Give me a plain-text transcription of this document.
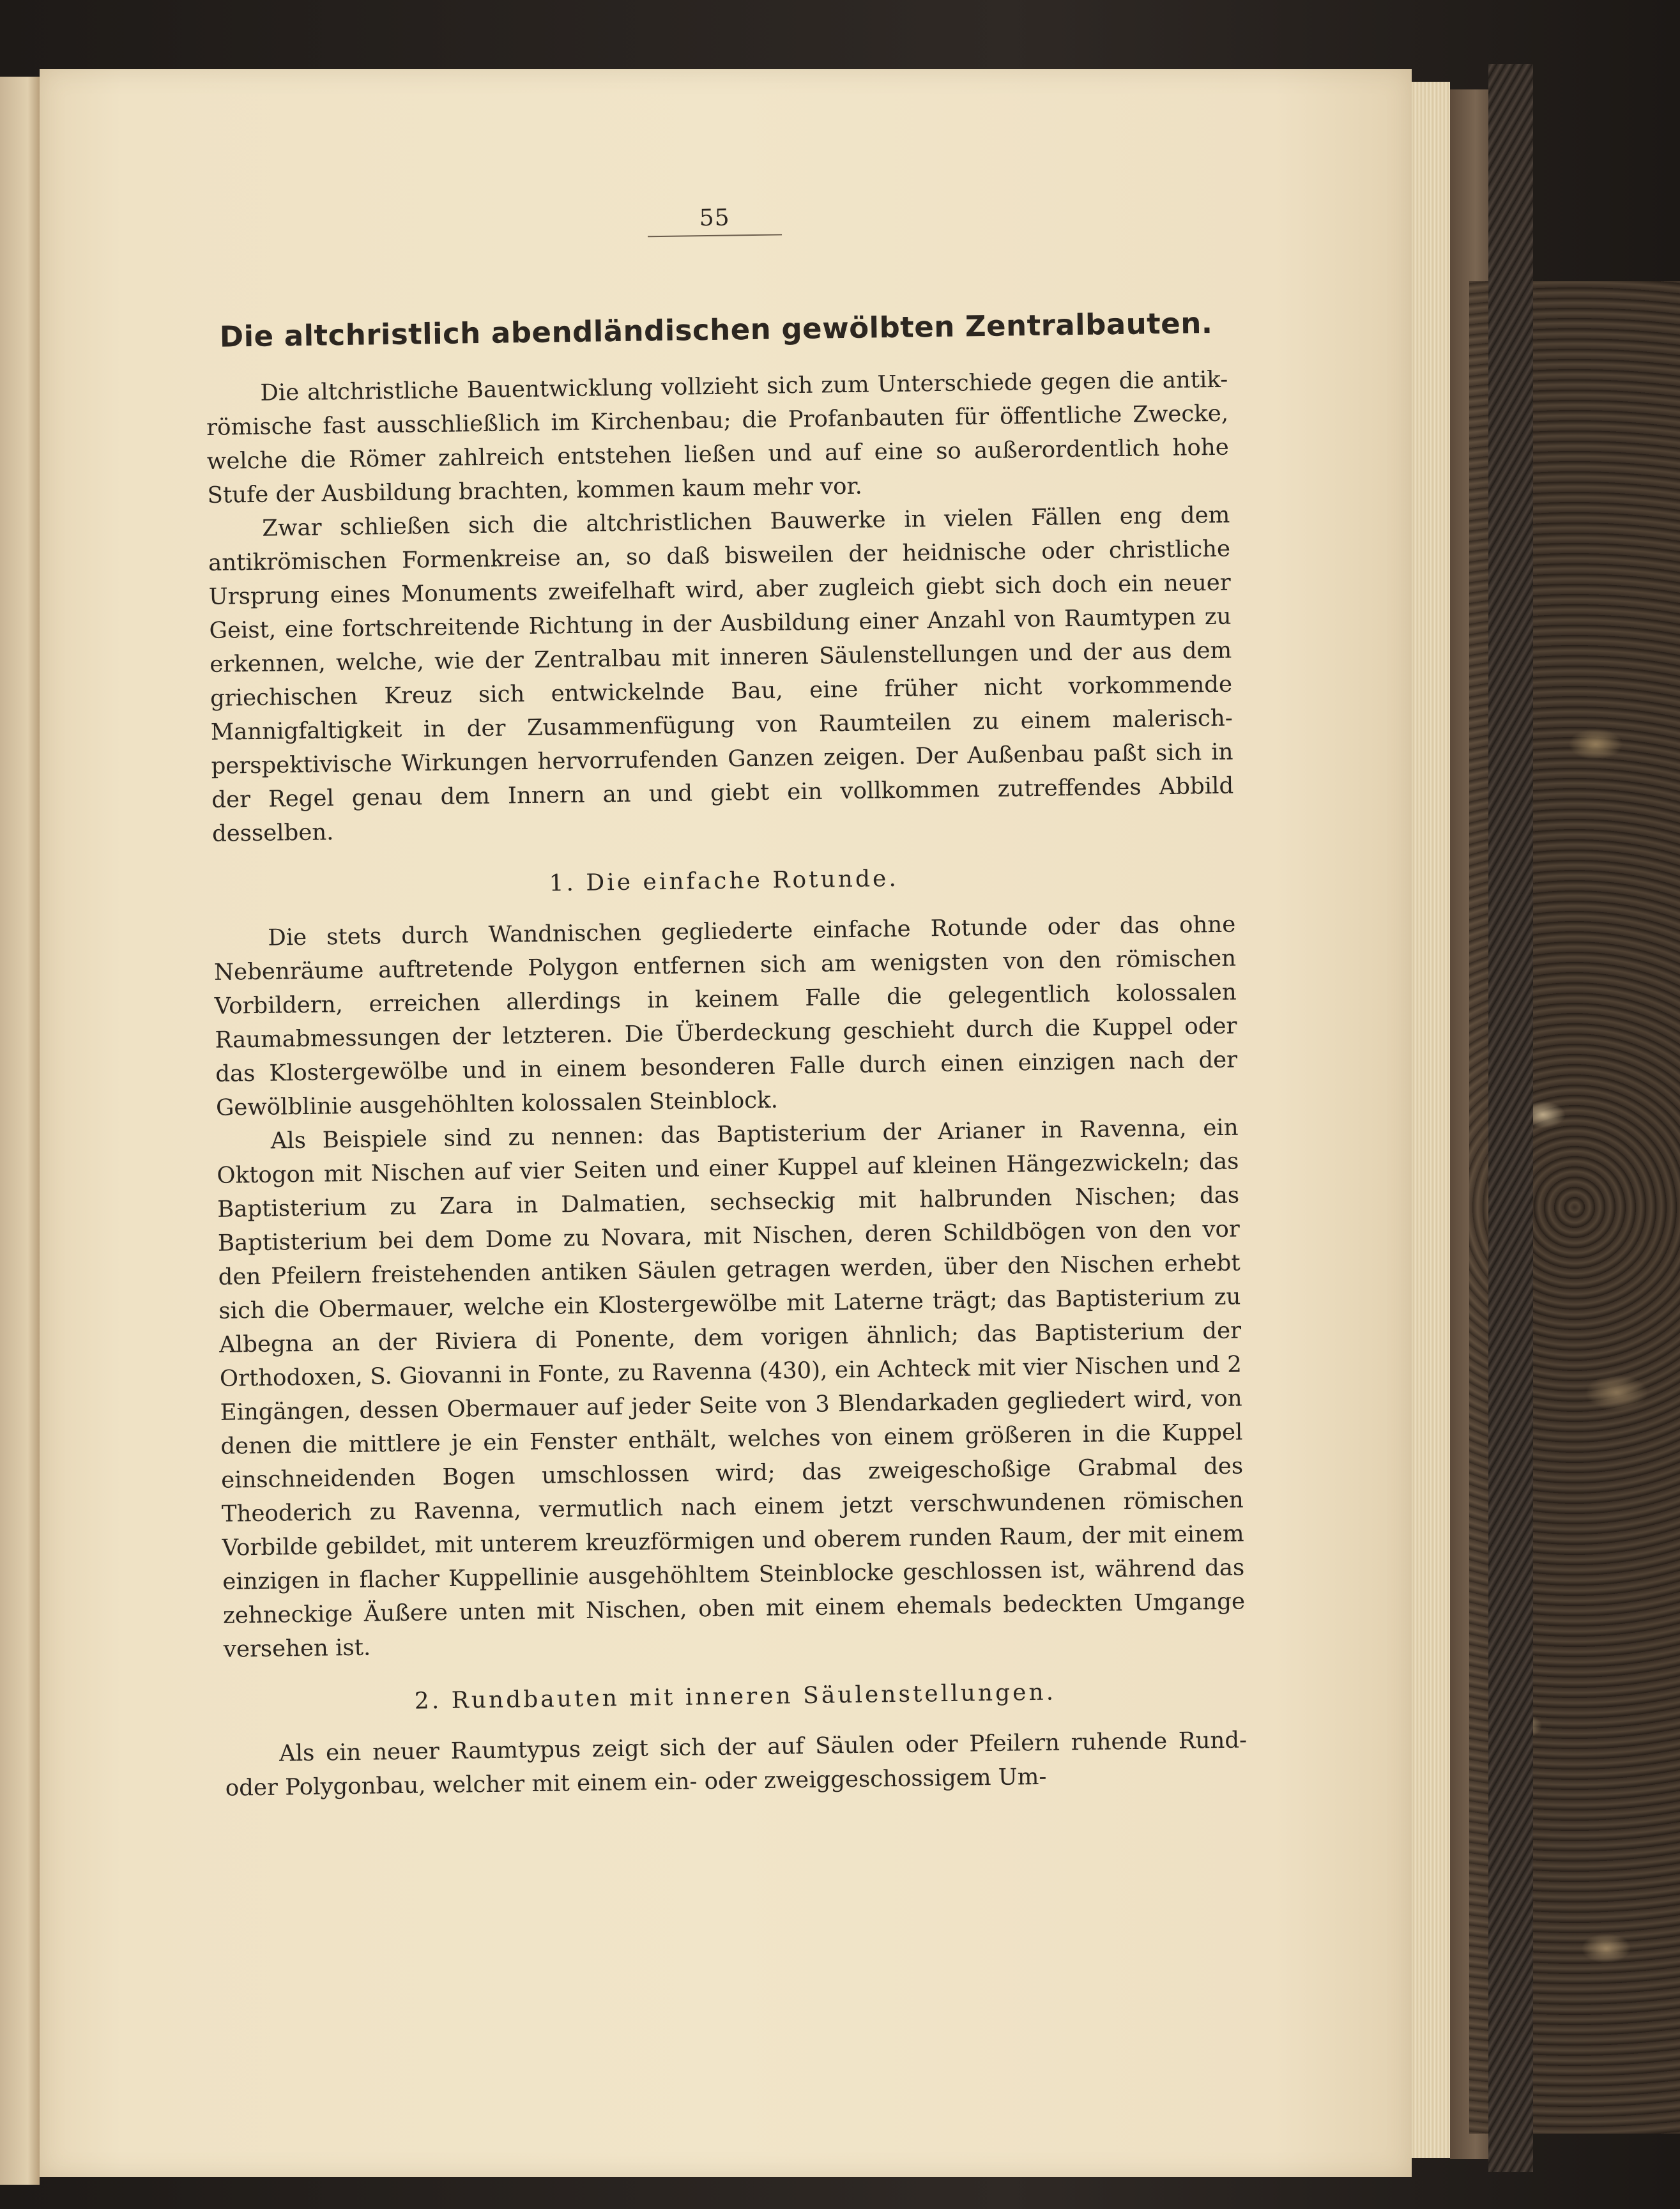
55
Die altchristlich abendländischen gewölbten Zentralbauten.

Die altchristliche Bauentwicklung vollzieht sich zum Unterschiede gegen die antik-römische fast ausschließlich im Kirchenbau; die Profanbauten für öffentliche Zwecke, welche die Römer zahlreich entstehen ließen und auf eine so außerordentlich hohe Stufe der Ausbildung brachten, kommen kaum mehr vor.

Zwar schließen sich die altchristlichen Bauwerke in vielen Fällen eng dem antikrömischen Formenkreise an, so daß bisweilen der heidnische oder christliche Ursprung eines Monuments zweifelhaft wird, aber zugleich giebt sich doch ein neuer Geist, eine fortschreitende Richtung in der Ausbildung einer Anzahl von Raumtypen zu erkennen, welche, wie der Zentralbau mit inneren Säulenstellungen und der aus dem griechischen Kreuz sich entwickelnde Bau, eine früher nicht vorkommende Mannigfaltigkeit in der Zusammenfügung von Raumteilen zu einem malerisch-perspektivische Wirkungen hervorrufenden Ganzen zeigen. Der Außenbau paßt sich in der Regel genau dem Innern an und giebt ein vollkommen zutreffendes Abbild desselben.

1. Die einfache Rotunde.

Die stets durch Wandnischen gegliederte einfache Rotunde oder das ohne Nebenräume auftretende Polygon entfernen sich am wenigsten von den römischen Vorbildern, erreichen allerdings in keinem Falle die gelegentlich kolossalen Raumabmessungen der letzteren. Die Überdeckung geschieht durch die Kuppel oder das Klostergewölbe und in einem besonderen Falle durch einen einzigen nach der Gewölblinie ausgehöhlten kolossalen Steinblock.

Als Beispiele sind zu nennen: das Baptisterium der Arianer in Ravenna, ein Oktogon mit Nischen auf vier Seiten und einer Kuppel auf kleinen Hängezwickeln; das Baptisterium zu Zara in Dalmatien, sechseckig mit halbrunden Nischen; das Baptisterium bei dem Dome zu Novara, mit Nischen, deren Schildbögen von den vor den Pfeilern freistehenden antiken Säulen getragen werden, über den Nischen erhebt sich die Obermauer, welche ein Klostergewölbe mit Laterne trägt; das Baptisterium zu Albegna an der Riviera di Ponente, dem vorigen ähnlich; das Baptisterium der Orthodoxen, S. Giovanni in Fonte, zu Ravenna (430), ein Achteck mit vier Nischen und 2 Eingängen, dessen Obermauer auf jeder Seite von 3 Blendarkaden gegliedert wird, von denen die mittlere je ein Fenster enthält, welches von einem größeren in die Kuppel einschneidenden Bogen umschlossen wird; das zweigeschoßige Grabmal des Theoderich zu Ravenna, vermutlich nach einem jetzt verschwundenen römischen Vorbilde gebildet, mit unterem kreuzförmigen und oberem runden Raum, der mit einem einzigen in flacher Kuppellinie ausgehöhltem Steinblocke geschlossen ist, während das zehneckige Äußere unten mit Nischen, oben mit einem ehemals bedeckten Umgange versehen ist.

2. Rundbauten mit inneren Säulenstellungen.

Als ein neuer Raumtypus zeigt sich der auf Säulen oder Pfeilern ruhende Rund- oder Polygonbau, welcher mit einem ein- oder zweiggeschossigem Um-
